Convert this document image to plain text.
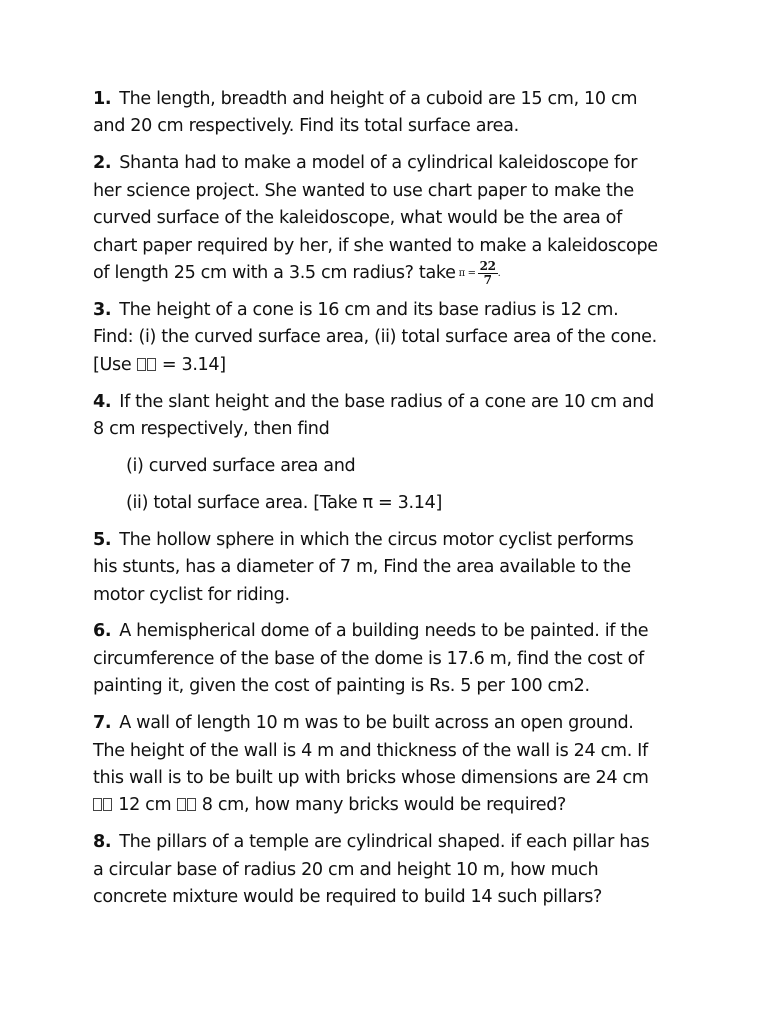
1. The length, breadth and height of a cuboid are 15 cm, 10 cm
and 20 cm respectively. Find its total surface area.

2. Shanta had to make a model of a cylindrical kaleidoscope for
her science project. She wanted to use chart paper to make the
curved surface of the kaleidoscope, what would be the area of
chart paper required by her, if she wanted to make a kaleidoscope
of length 25 cm with a 3.5 cm radius? take $\pi = \frac{22}{7}$ .

3. The height of a cone is 16 cm and its base radius is 12 cm.
Find: (i) the curved surface area, (ii) total surface area of the cone.
[Use  = 3.14]

4. If the slant height and the base radius of a cone are 10 cm and
8 cm respectively, then find

(i) curved surface area and

(ii) total surface area. [Take π = 3.14]

5. The hollow sphere in which the circus motor cyclist performs
his stunts, has a diameter of 7 m, Find the area available to the
motor cyclist for riding.

6. A hemispherical dome of a building needs to be painted. if the
circumference of the base of the dome is 17.6 m, find the cost of
painting it, given the cost of painting is Rs. 5 per 100 cm2.

7. A wall of length 10 m was to be built across an open ground.
The height of the wall is 4 m and thickness of the wall is 24 cm. If
this wall is to be built up with bricks whose dimensions are 24 cm
12 cm  8 cm, how many bricks would be required?

8. The pillars of a temple are cylindrical shaped. if each pillar has
a circular base of radius 20 cm and height 10 m, how much
concrete mixture would be required to build 14 such pillars?
